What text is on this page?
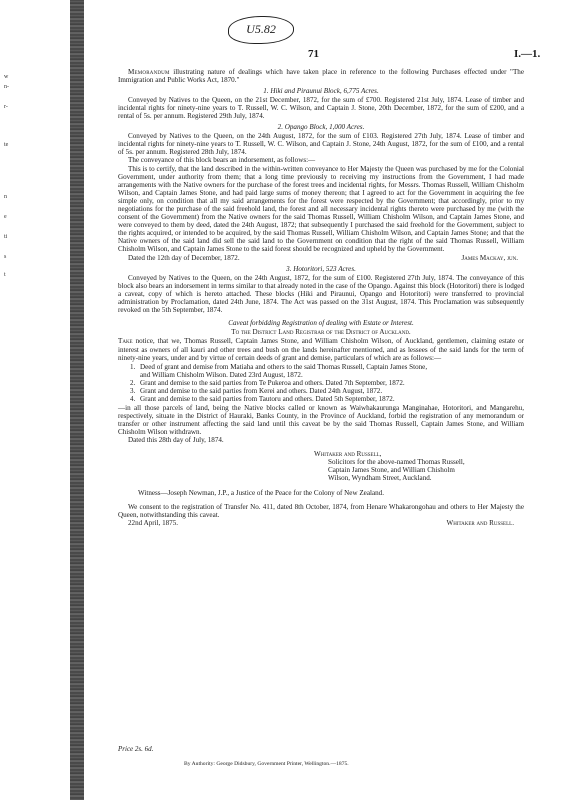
w
n-
r-
te
n
e
ti
s
t
U5.82
71	I.—1.

Memorandum illustrating nature of dealings which have taken place in reference to the following Purchases effected under "The Immigration and Public Works Act, 1870."

1. Hiki and Piraunui Block, 6,775 Acres.

Conveyed by Natives to the Queen, on the 21st December, 1872, for the sum of £700. Registered 21st July, 1874. Lease of timber and incidental rights for ninety-nine years to T. Russell, W. C. Wilson, and Captain J. Stone, 20th December, 1872, for the sum of £200, and a rental of 5s. per annum. Registered 29th July, 1874.

2. Opango Block, 1,000 Acres.

Conveyed by Natives to the Queen, on the 24th August, 1872, for the sum of £103. Registered 27th July, 1874. Lease of timber and incidental rights for ninety-nine years to T. Russell, W. C. Wilson, and Captain J. Stone, 24th August, 1872, for the sum of £100, and a rental of 5s. per annum. Registered 28th July, 1874.

The conveyance of this block bears an indorsement, as follows:—

This is to certify, that the land described in the within-written conveyance to Her Majesty the Queen was purchased by me for the Colonial Government, under authority from them; that a long time previously to receiving my instructions from the Government, I had made arrangements with the Native owners for the purchase of the forest trees and incidental rights, for Messrs. Thomas Russell, William Chisholm Wilson, and Captain James Stone, and had paid large sums of money thereon; that I agreed to act for the Government in acquiring the fee simple only, on condition that all my said arrangements for the forest were respected by the Government; that accordingly, prior to my negotiations for the purchase of the said freehold land, the forest and all necessary incidental rights thereto were purchased by me (with the consent of the Government) from the Native owners for the said Thomas Russell, William Chisholm Wilson, and Captain James Stone, and were conveyed to them by deed, dated the 24th August, 1872; that subsequently I purchased the said freehold for the Government, subject to the rights acquired, or intended to be acquired, by the said Thomas Russell, William Chisholm Wilson, and Captain James Stone; and that the Native owners of the said land did sell the said land to the Government on condition that the right of the said Thomas Russell, William Chisholm Wilson, and Captain James Stone to the said forest should be recognized and upheld by the Government.

Dated the 12th day of December, 1872.	James Mackay, jun.

3. Hotoritori, 523 Acres.

Conveyed by Natives to the Queen, on the 24th August, 1872, for the sum of £100. Registered 27th July, 1874. The conveyance of this block also bears an indorsement in terms similar to that already noted in the case of the Opango. Against this block (Hotoritori) there is lodged a caveat, copy of which is hereto attached. These blocks (Hiki and Piraunui, Opango and Hotoritori) were transferred to provincial administration by Proclamation, dated 24th June, 1874. The Act was passed on the 31st August, 1874. This Proclamation was subsequently revoked on the 5th September, 1874.

Caveat forbidding Registration of dealing with Estate or Interest.

To the District Land Registrar of the District of Auckland.

Take notice, that we, Thomas Russell, Captain James Stone, and William Chisholm Wilson, of Auckland, gentlemen, claiming estate or interest as owners of all kauri and other trees and bush on the lands hereinafter mentioned, and as lessees of the said lands for the term of ninety-nine years, under and by virtue of certain deeds of grant and demise, particulars of which are as follows:—

1. Deed of grant and demise from Matiaha and others to the said Thomas Russell, Captain James Stone, and William Chisholm Wilson. Dated 23rd August, 1872.
2. Grant and demise to the said parties from Te Pukeroa and others. Dated 7th September, 1872.
3. Grant and demise to the said parties from Kerei and others. Dated 24th August, 1872.
4. Grant and demise to the said parties from Tautoru and others. Dated 5th September, 1872.

—in all those parcels of land, being the Native blocks called or known as Waiwhakaurunga Manginahae, Hotoritori, and Mangarehu, respectively, situate in the District of Hauraki, Banks County, in the Province of Auckland, forbid the registration of any memorandum or transfer or other instrument affecting the said land until this caveat be by the said Thomas Russell, Captain James Stone, and William Chisholm Wilson withdrawn.

Dated this 28th day of July, 1874.

Whitaker and Russell,
Solicitors for the above-named Thomas Russell, Captain James Stone, and William Chisholm Wilson, Wyndham Street, Auckland.

Witness—Joseph Newman, J.P., a Justice of the Peace for the Colony of New Zealand.

We consent to the registration of Transfer No. 411, dated 8th October, 1874, from Henare Whakarongohau and others to Her Majesty the Queen, notwithstanding this caveat.

22nd April, 1875.	Whitaker and Russell.
Price 2s. 6d.
By Authority: George Didsbury, Government Printer, Wellington.—1875.
